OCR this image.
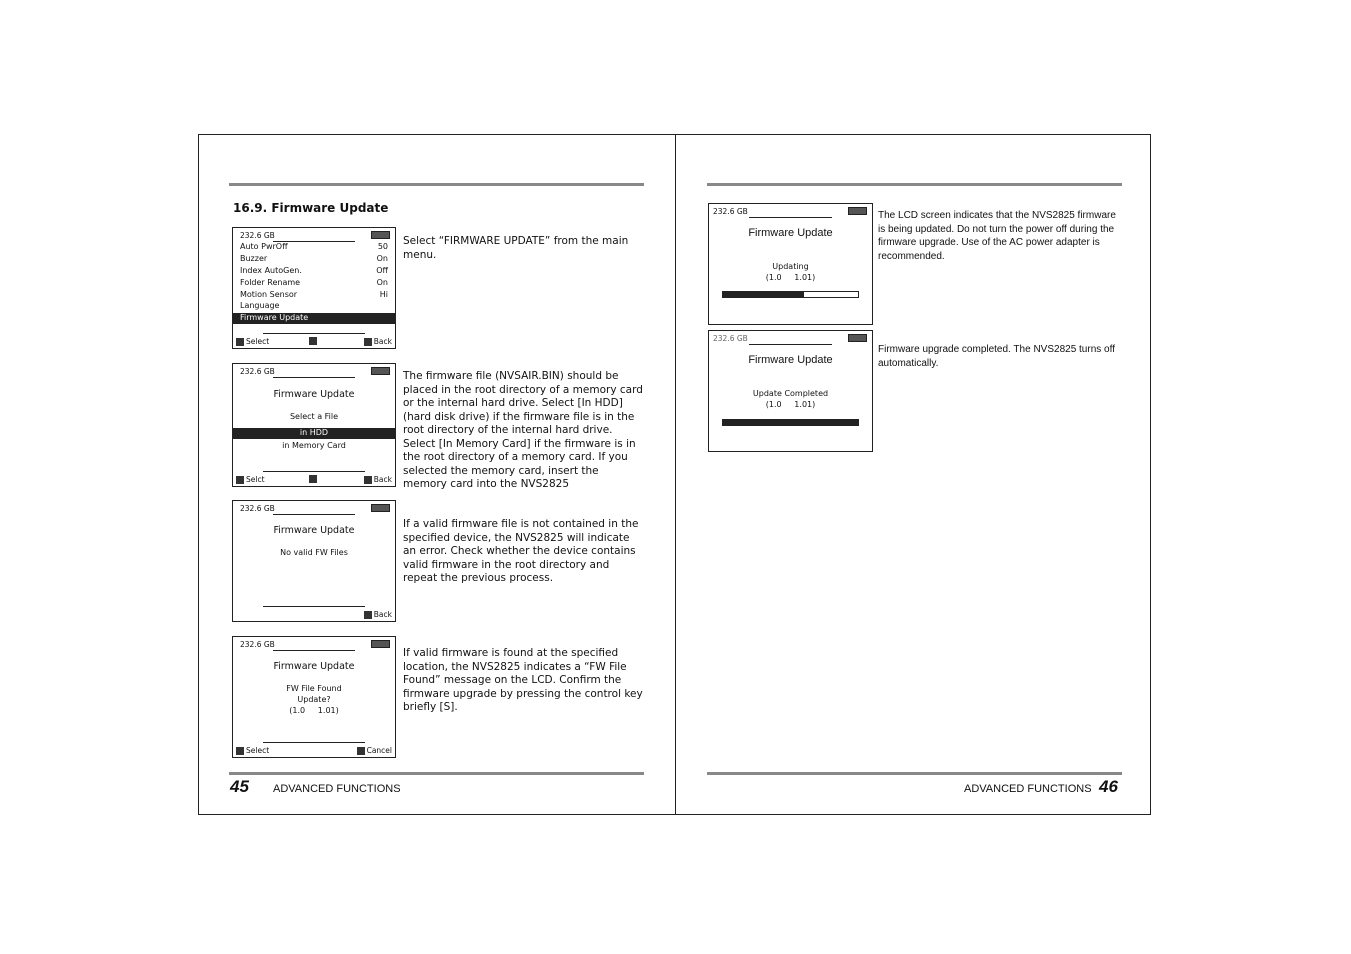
16.9. Firmware Update
232.6 GB
Auto PwrOff	50
Buzzer	On
Index AutoGen.	Off
Folder Rename	On
Motion Sensor	Hi
Language
Firmware Update
Select	Back
Select “FIRMWARE UPDATE” from the main menu.
232.6 GB
Firmware Update
Select a File
in HDD
in Memory Card
Selct	Back
The firmware file (NVSAIR.BIN) should be placed in the root directory of a memory card or the internal hard drive. Select [In HDD] (hard disk drive) if the firmware file is in the root directory of the internal hard drive. Select [In Memory Card] if the firmware is in the root directory of a memory card. If you selected the memory card, insert the memory card into the NVS2825
232.6 GB
Firmware Update
No valid FW Files
Back
If a valid firmware file is not contained in the specified device, the NVS2825 will indicate an error. Check whether the device contains valid firmware in the root directory and repeat the previous process.
232.6 GB
Firmware Update
FW File Found
Update?
(1.0     1.01)
Select	Cancel
If valid firmware is found at the specified location, the NVS2825 indicates a “FW File Found” message on the LCD. Confirm the firmware upgrade by pressing the control key briefly [S].
45 ADVANCED FUNCTIONS
232.6 GB
Firmware Update
Updating
(1.0     1.01)
The LCD screen indicates that the NVS2825 firmware is being updated. Do not turn the power off during the firmware upgrade. Use of the AC power adapter is recommended.
232.6 GB
Firmware Update
Update Completed
(1.0     1.01)
Firmware upgrade completed. The NVS2825 turns off automatically.
ADVANCED FUNCTIONS 46
